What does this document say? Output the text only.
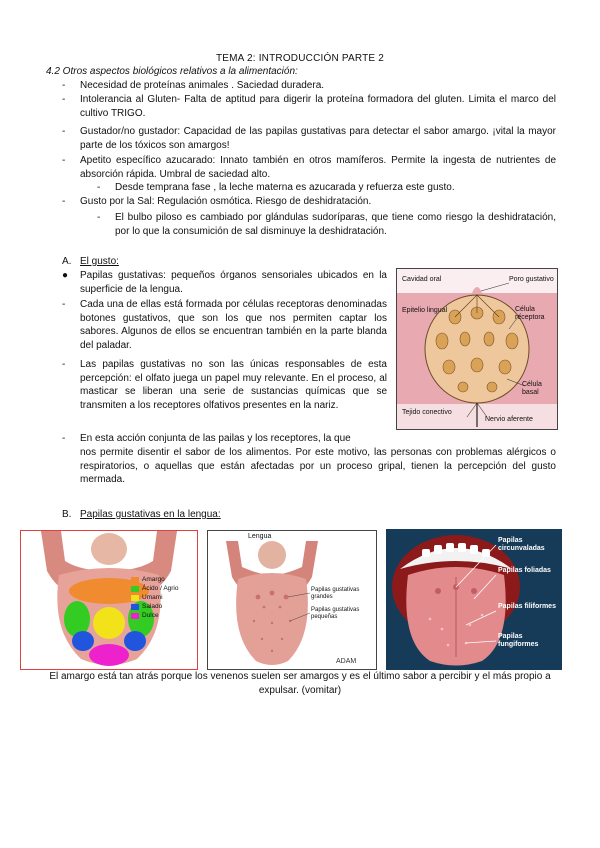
TEMA 2: INTRODUCCIÓN PARTE 2
4.2 Otros aspectos biológicos relativos a la alimentación:
-	Necesidad de proteínas animales . Saciedad duradera.
-	Intolerancia al Gluten- Falta de aptitud para digerir la proteína formadora del gluten. Limita el marco del cultivo TRIGO.
-	Gustador/no gustador: Capacidad de las papilas gustativas para detectar el sabor amargo. ¡vital la mayor parte de los tóxicos son amargos!
-	Apetito específico azucarado: Innato también en otros mamíferos. Permite la ingesta de nutrientes de absorción rápida. Umbral de saciedad alto.
-	Desde temprana fase , la leche materna es azucarada y refuerza este gusto.
-	Gusto por la Sal: Regulación osmótica. Riesgo de deshidratación.
-	El bulbo piloso es cambiado por glándulas sudoríparas, que tiene como riesgo la deshidratación, por lo que la consumición de sal disminuye la deshidratación.
A. El gusto:
●	Papilas gustativas: pequeños órganos sensoriales ubicados en la superficie de la lengua.
-	Cada una de ellas está formada por células receptoras denominadas botones gustativos, que son los que nos permiten captar los sabores. Algunos de ellos se encuentran también en la parte blanda del paladar.
-	Las papilas gustativas no son las únicas responsables de esta percepción: el olfato juega un papel muy relevante. En el proceso, al masticar se liberan una serie de sustancias químicas que se transmiten a los receptores olfativos presentes en la nariz.
-	En esta acción conjunta de las pailas y los receptores, la que
nos permite disentir el sabor de los alimentos. Por este motivo, las personas con problemas alérgicos o respiratorios, o aquellas que están afectadas por un proceso gripal, tienen la percepción del gusto mermada.
Cavidad oral	Poro gustativo
Epitelio lingual	Célula receptora
Célula basal
Tejido conectivo
Nervio aferente
B. Papilas gustativas en la lengua:
Amargo
Ácido / Agrio
Umami
Salado
Dulce
Lengua
Papilas gustativas grandes
Papilas gustativas pequeñas
ADAM
Papilas circunvaladas
Papilas foliadas
Papilas filiformes
Papilas fungiformes
El amargo está tan atrás porque los venenos suelen ser amargos y es el último sabor a percibir y el más propio a expulsar. (vomitar)
